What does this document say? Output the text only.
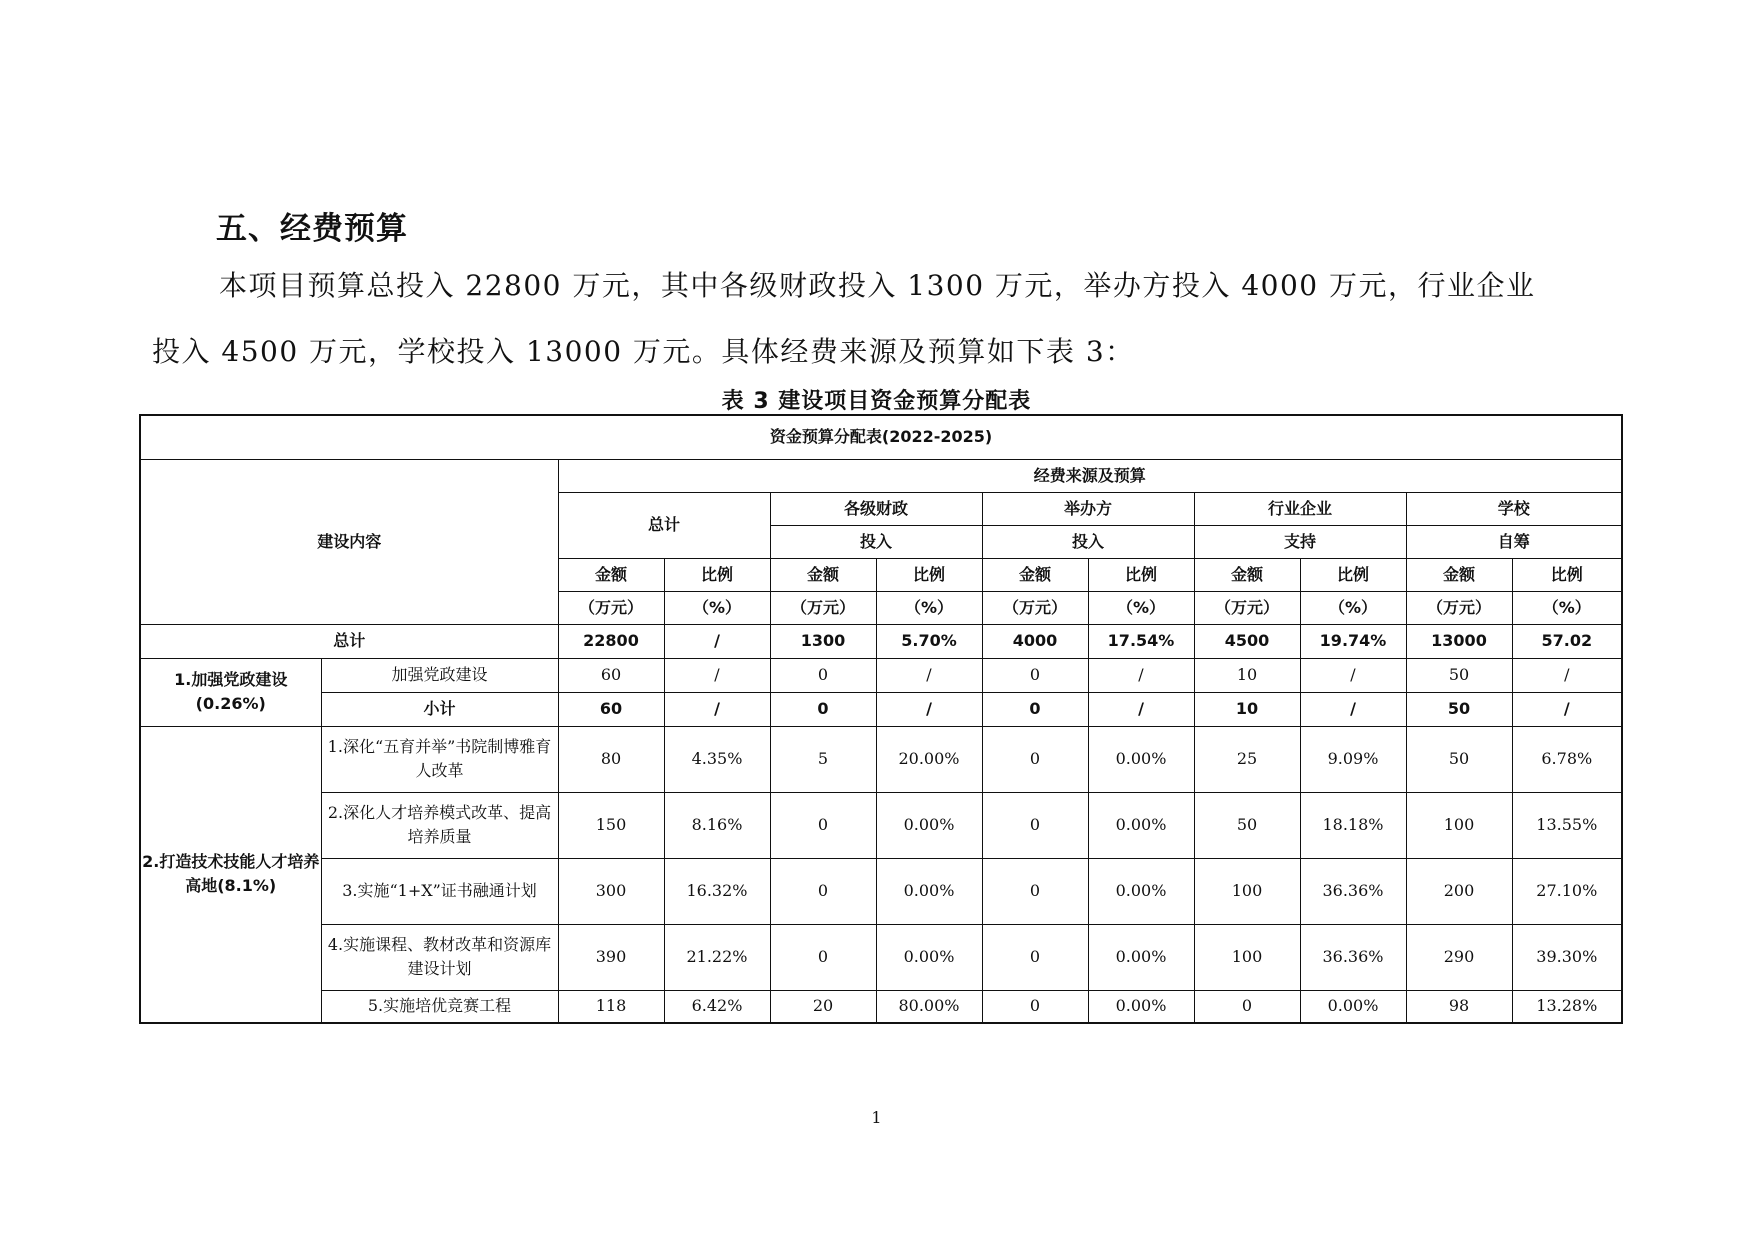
五、经费预算
本项目预算总投入 22800 万元，其中各级财政投入 1300 万元，举办方投入 4000 万元，行业企业
投入 4500 万元，学校投入 13000 万元。具体经费来源及预算如下表 3：
表 3 建设项目资金预算分配表
资金预算分配表(2022-2025)											
建设内容		经费来源及预算									
		总计		各级财政		举办方		行业企业		学校	
				投入		投入		支持		自筹	
		金额	比例	金额	比例	金额	比例	金额	比例	金额	比例
		（万元）	（%）	（万元）	（%）	（万元）	（%）	（万元）	（%）	（万元）	（%）
总计		22800	/	1300	5.70%	4000	17.54%	4500	19.74%	13000	57.02
1.加强党政建设(0.26%)	加强党政建设	60	/	0	/	0	/	10	/	50	/
	小计	60	/	0	/	0	/	10	/	50	/
2.打造技术技能人才培养高地(8.1%)	1.深化“五育并举”书院制博雅育人改革	80	4.35%	5	20.00%	0	0.00%	25	9.09%	50	6.78%
	2.深化人才培养模式改革、提高培养质量	150	8.16%	0	0.00%	0	0.00%	50	18.18%	100	13.55%
	3.实施“1+X”证书融通计划	300	16.32%	0	0.00%	0	0.00%	100	36.36%	200	27.10%
	4.实施课程、教材改革和资源库建设计划	390	21.22%	0	0.00%	0	0.00%	100	36.36%	290	39.30%
	5.实施培优竞赛工程	118	6.42%	20	80.00%	0	0.00%	0	0.00%	98	13.28%
1
